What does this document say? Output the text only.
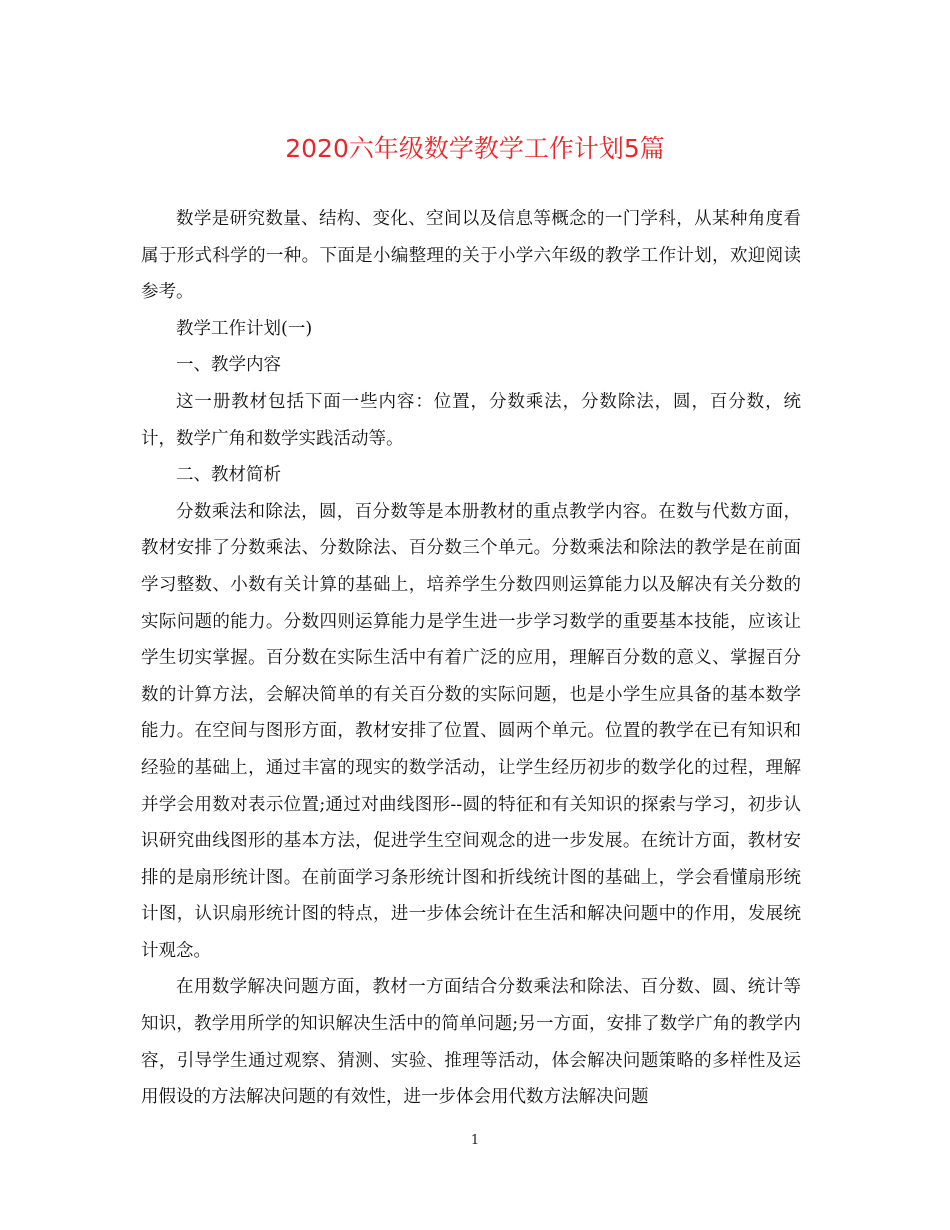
2020六年级数学教学工作计划5篇

数学是研究数量、结构、变化、空间以及信息等概念的一门学科，从某种角度看属于形式科学的一种。下面是小编整理的关于小学六年级的教学工作计划，欢迎阅读参考。

教学工作计划(一)

一、教学内容

这一册教材包括下面一些内容：位置，分数乘法，分数除法，圆，百分数，统计，数学广角和数学实践活动等。

二、教材简析

分数乘法和除法，圆，百分数等是本册教材的重点教学内容。在数与代数方面，教材安排了分数乘法、分数除法、百分数三个单元。分数乘法和除法的教学是在前面学习整数、小数有关计算的基础上，培养学生分数四则运算能力以及解决有关分数的实际问题的能力。分数四则运算能力是学生进一步学习数学的重要基本技能，应该让学生切实掌握。百分数在实际生活中有着广泛的应用，理解百分数的意义、掌握百分数的计算方法，会解决简单的有关百分数的实际问题，也是小学生应具备的基本数学能力。在空间与图形方面，教材安排了位置、圆两个单元。位置的教学在已有知识和经验的基础上，通过丰富的现实的数学活动，让学生经历初步的数学化的过程，理解并学会用数对表示位置;通过对曲线图形--圆的特征和有关知识的探索与学习，初步认识研究曲线图形的基本方法，促进学生空间观念的进一步发展。在统计方面，教材安排的是扇形统计图。在前面学习条形统计图和折线统计图的基础上，学会看懂扇形统计图，认识扇形统计图的特点，进一步体会统计在生活和解决问题中的作用，发展统计观念。

在用数学解决问题方面，教材一方面结合分数乘法和除法、百分数、圆、统计等知识，教学用所学的知识解决生活中的简单问题;另一方面，安排了数学广角的教学内容，引导学生通过观察、猜测、实验、推理等活动，体会解决问题策略的多样性及运用假设的方法解决问题的有效性，进一步体会用代数方法解决问题

1
